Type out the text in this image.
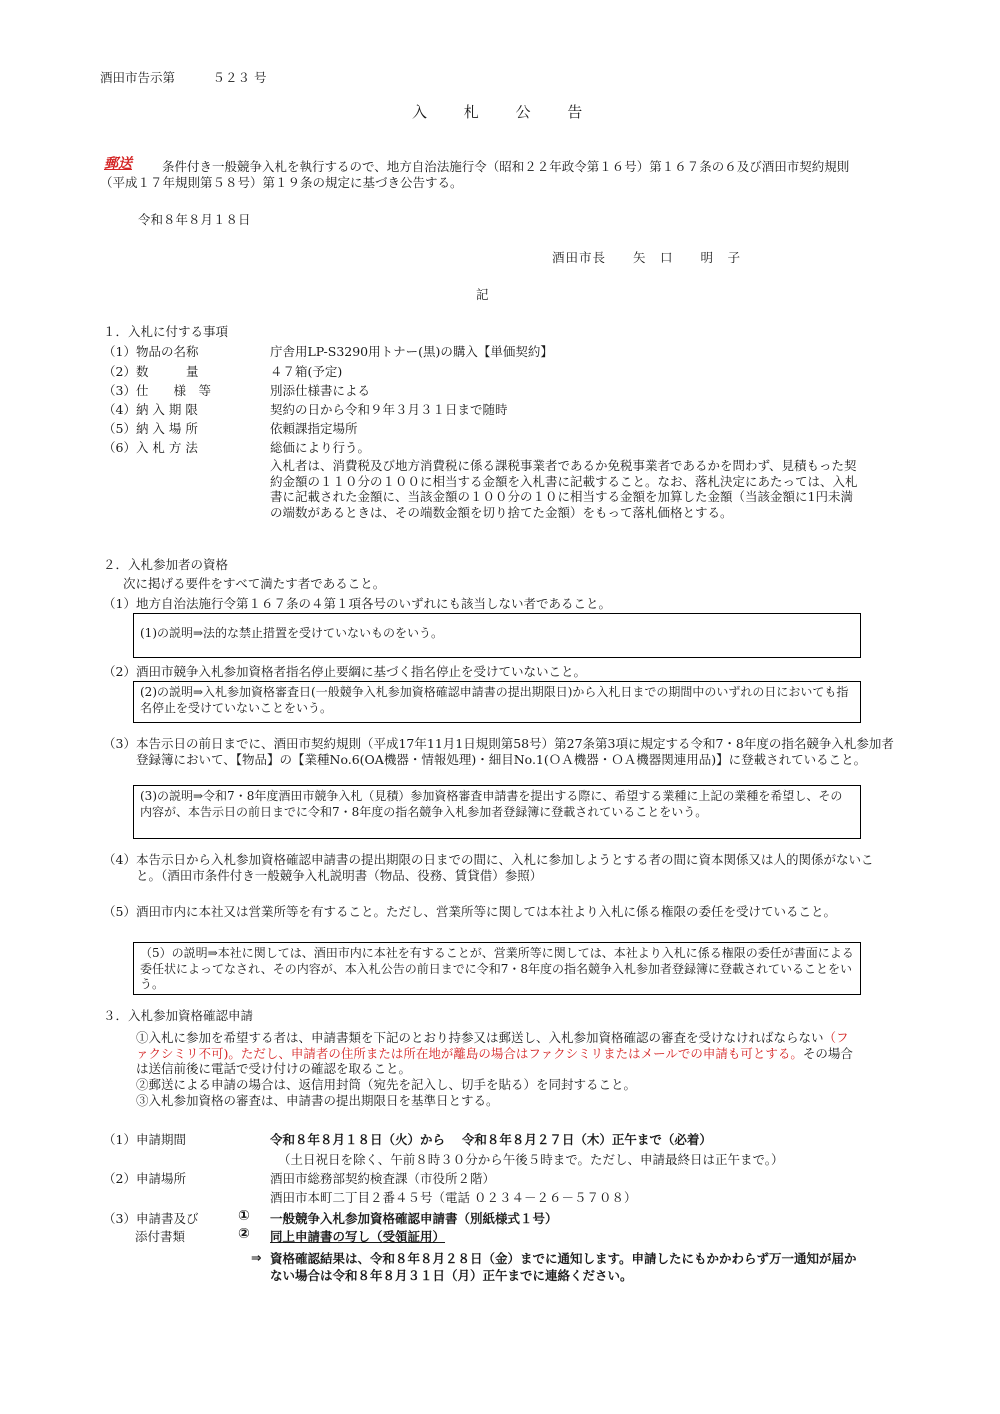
酒田市告示第　　　５２３ 号
入 札 公 告
郵送	条件付き一般競争入札を執行するので、地方自治法施行令（昭和２２年政令第１６号）第１６７条の６及び酒田市契約規則（平成１７年規則第５８号）第１９条の規定に基づき公告する。
令和８年８月１８日
酒田市長　　矢　口　　明　子
記
１．入札に付する事項
（1）物品の名称	庁舎用LP-S3290用トナー(黒)の購入【単価契約】
（2）数　　　量	４７箱(予定)
（3）仕　　様　等	別添仕様書による
（4）納 入 期 限	契約の日から令和９年３月３１日まで随時
（5）納 入 場 所	依頼課指定場所
（6）入 札 方 法	総価により行う。
入札者は、消費税及び地方消費税に係る課税事業者であるか免税事業者であるかを問わず、見積もった契約金額の１１０分の１００に相当する金額を入札書に記載すること。なお、落札決定にあたっては、入札書に記載された金額に、当該金額の１００分の１０に相当する金額を加算した金額（当該金額に1円未満の端数があるときは、その端数金額を切り捨てた金額）をもって落札価格とする。
２．入札参加者の資格
次に掲げる要件をすべて満たす者であること。
（1）地方自治法施行令第１６７条の４第１項各号のいずれにも該当しない者であること。
(1)の説明⇒法的な禁止措置を受けていないものをいう。
（2）酒田市競争入札参加資格者指名停止要綱に基づく指名停止を受けていないこと。
(2)の説明⇒入札参加資格審査日(一般競争入札参加資格確認申請書の提出期限日)から入札日までの期間中のいずれの日においても指名停止を受けていないことをいう。
（3）本告示日の前日までに、酒田市契約規則（平成17年11月1日規則第58号）第27条第3項に規定する令和7・8年度の指名競争入札参加者登録簿において、【物品】の【業種No.6(OA機器・情報処理)・細目No.1(ＯＡ機器・ＯＡ機器関連用品)】に登載されていること。
(3)の説明⇒令和7・8年度酒田市競争入札（見積）参加資格審査申請書を提出する際に、希望する業種に上記の業種を希望し、その内容が、本告示日の前日までに令和7・8年度の指名競争入札参加者登録簿に登載されていることをいう。
（4）本告示日から入札参加資格確認申請書の提出期限の日までの間に、入札に参加しようとする者の間に資本関係又は人的関係がないこと。（酒田市条件付き一般競争入札説明書（物品、役務、賃貸借）参照）
（5）酒田市内に本社又は営業所等を有すること。ただし、営業所等に関しては本社より入札に係る権限の委任を受けていること。
（5）の説明⇒本社に関しては、酒田市内に本社を有することが、営業所等に関しては、本社より入札に係る権限の委任が書面による委任状によってなされ、その内容が、本入札公告の前日までに令和7・8年度の指名競争入札参加者登録簿に登載されていることをいう。
３．入札参加資格確認申請
①入札に参加を希望する者は、申請書類を下記のとおり持参又は郵送し、入札参加資格確認の審査を受けなければならない（ファクシミリ不可)。ただし、申請者の住所または所在地が離島の場合はファクシミリまたはメールでの申請も可とする。その場合は送信前後に電話で受け付けの確認を取ること。
②郵送による申請の場合は、返信用封筒（宛先を記入し、切手を貼る）を同封すること。
③入札参加資格の審査は、申請書の提出期限日を基準日とする。
（1）申請期間	令和８年８月１８日（火）から　 令和８年８月２７日（木）正午まで（必着）
（土日祝日を除く、午前８時３０分から午後５時まで。ただし、申請最終日は正午まで。）
（2）申請場所	酒田市総務部契約検査課（市役所２階）
酒田市本町二丁目２番４５号（電話 ０２３４－２６－５７０８）
（3）申請書及び
添付書類
① 一般競争入札参加資格確認申請書（別紙様式１号）
② 同上申請書の写し（受領証用）
⇒ 資格確認結果は、令和８年８月２８日（金）までに通知します。申請したにもかかわらず万一通知が届かない場合は令和８年８月３１日（月）正午までに連絡ください。
